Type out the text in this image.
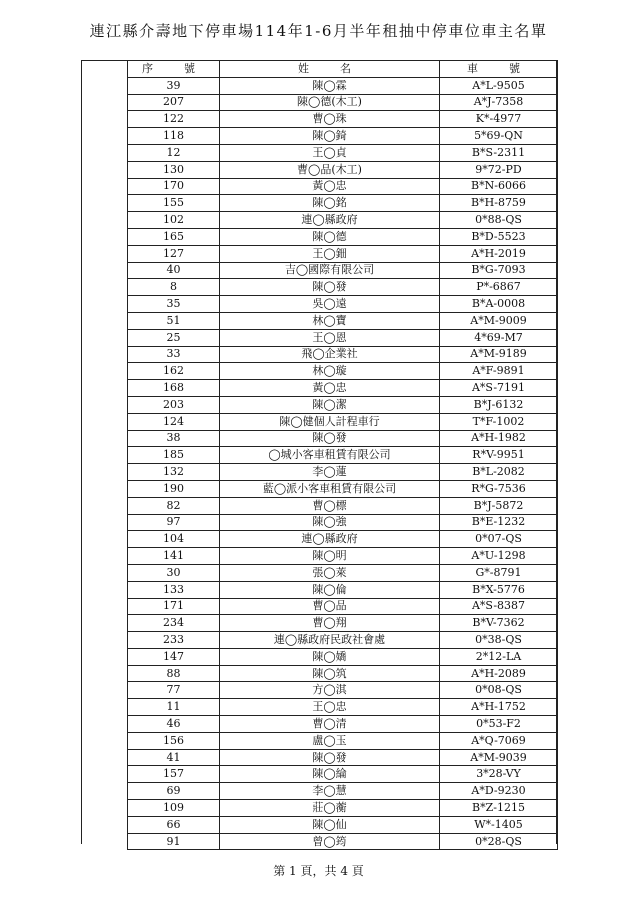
連江縣介壽地下停車場114年1-6月半年租抽中停車位車主名單
序　號	姓　名	車　號
39	陳◯霖	A*L-9505
207	陳◯德(木工)	A*J-7358
122	曹◯珠	K*-4977
118	陳◯錡	5*69-QN
12	王◯貞	B*S-2311
130	曹◯品(木工)	9*72-PD
170	黃◯忠	B*N-6066
155	陳◯銘	B*H-8759
102	連◯縣政府	0*88-QS
165	陳◯德	B*D-5523
127	王◯鈿	A*H-2019
40	吉◯國際有限公司	B*G-7093
8	陳◯發	P*-6867
35	吳◯遠	B*A-0008
51	林◯寶	A*M-9009
25	王◯恩	4*69-M7
33	飛◯企業社	A*M-9189
162	林◯璇	A*F-9891
168	黃◯忠	A*S-7191
203	陳◯潔	B*J-6132
124	陳◯健個人計程車行	T*F-1002
38	陳◯發	A*H-1982
185	◯城小客車租賃有限公司	R*V-9951
132	李◯蓮	B*L-2082
190	藍◯派小客車租賃有限公司	R*G-7536
82	曹◯標	B*J-5872
97	陳◯強	B*E-1232
104	連◯縣政府	0*07-QS
141	陳◯明	A*U-1298
30	張◯萊	G*-8791
133	陳◯倫	B*X-5776
171	曹◯品	A*S-8387
234	曹◯翔	B*V-7362
233	連◯縣政府民政社會處	0*38-QS
147	陳◯嬌	2*12-LA
88	陳◯筑	A*H-2089
77	方◯淇	0*08-QS
11	王◯忠	A*H-1752
46	曹◯清	0*53-F2
156	盧◯玉	A*Q-7069
41	陳◯發	A*M-9039
157	陳◯綸	3*28-VY
69	李◯慧	A*D-9230
109	莊◯蘅	B*Z-1215
66	陳◯仙	W*-1405
91	曾◯筠	0*28-QS
第 1 頁，共 4 頁
